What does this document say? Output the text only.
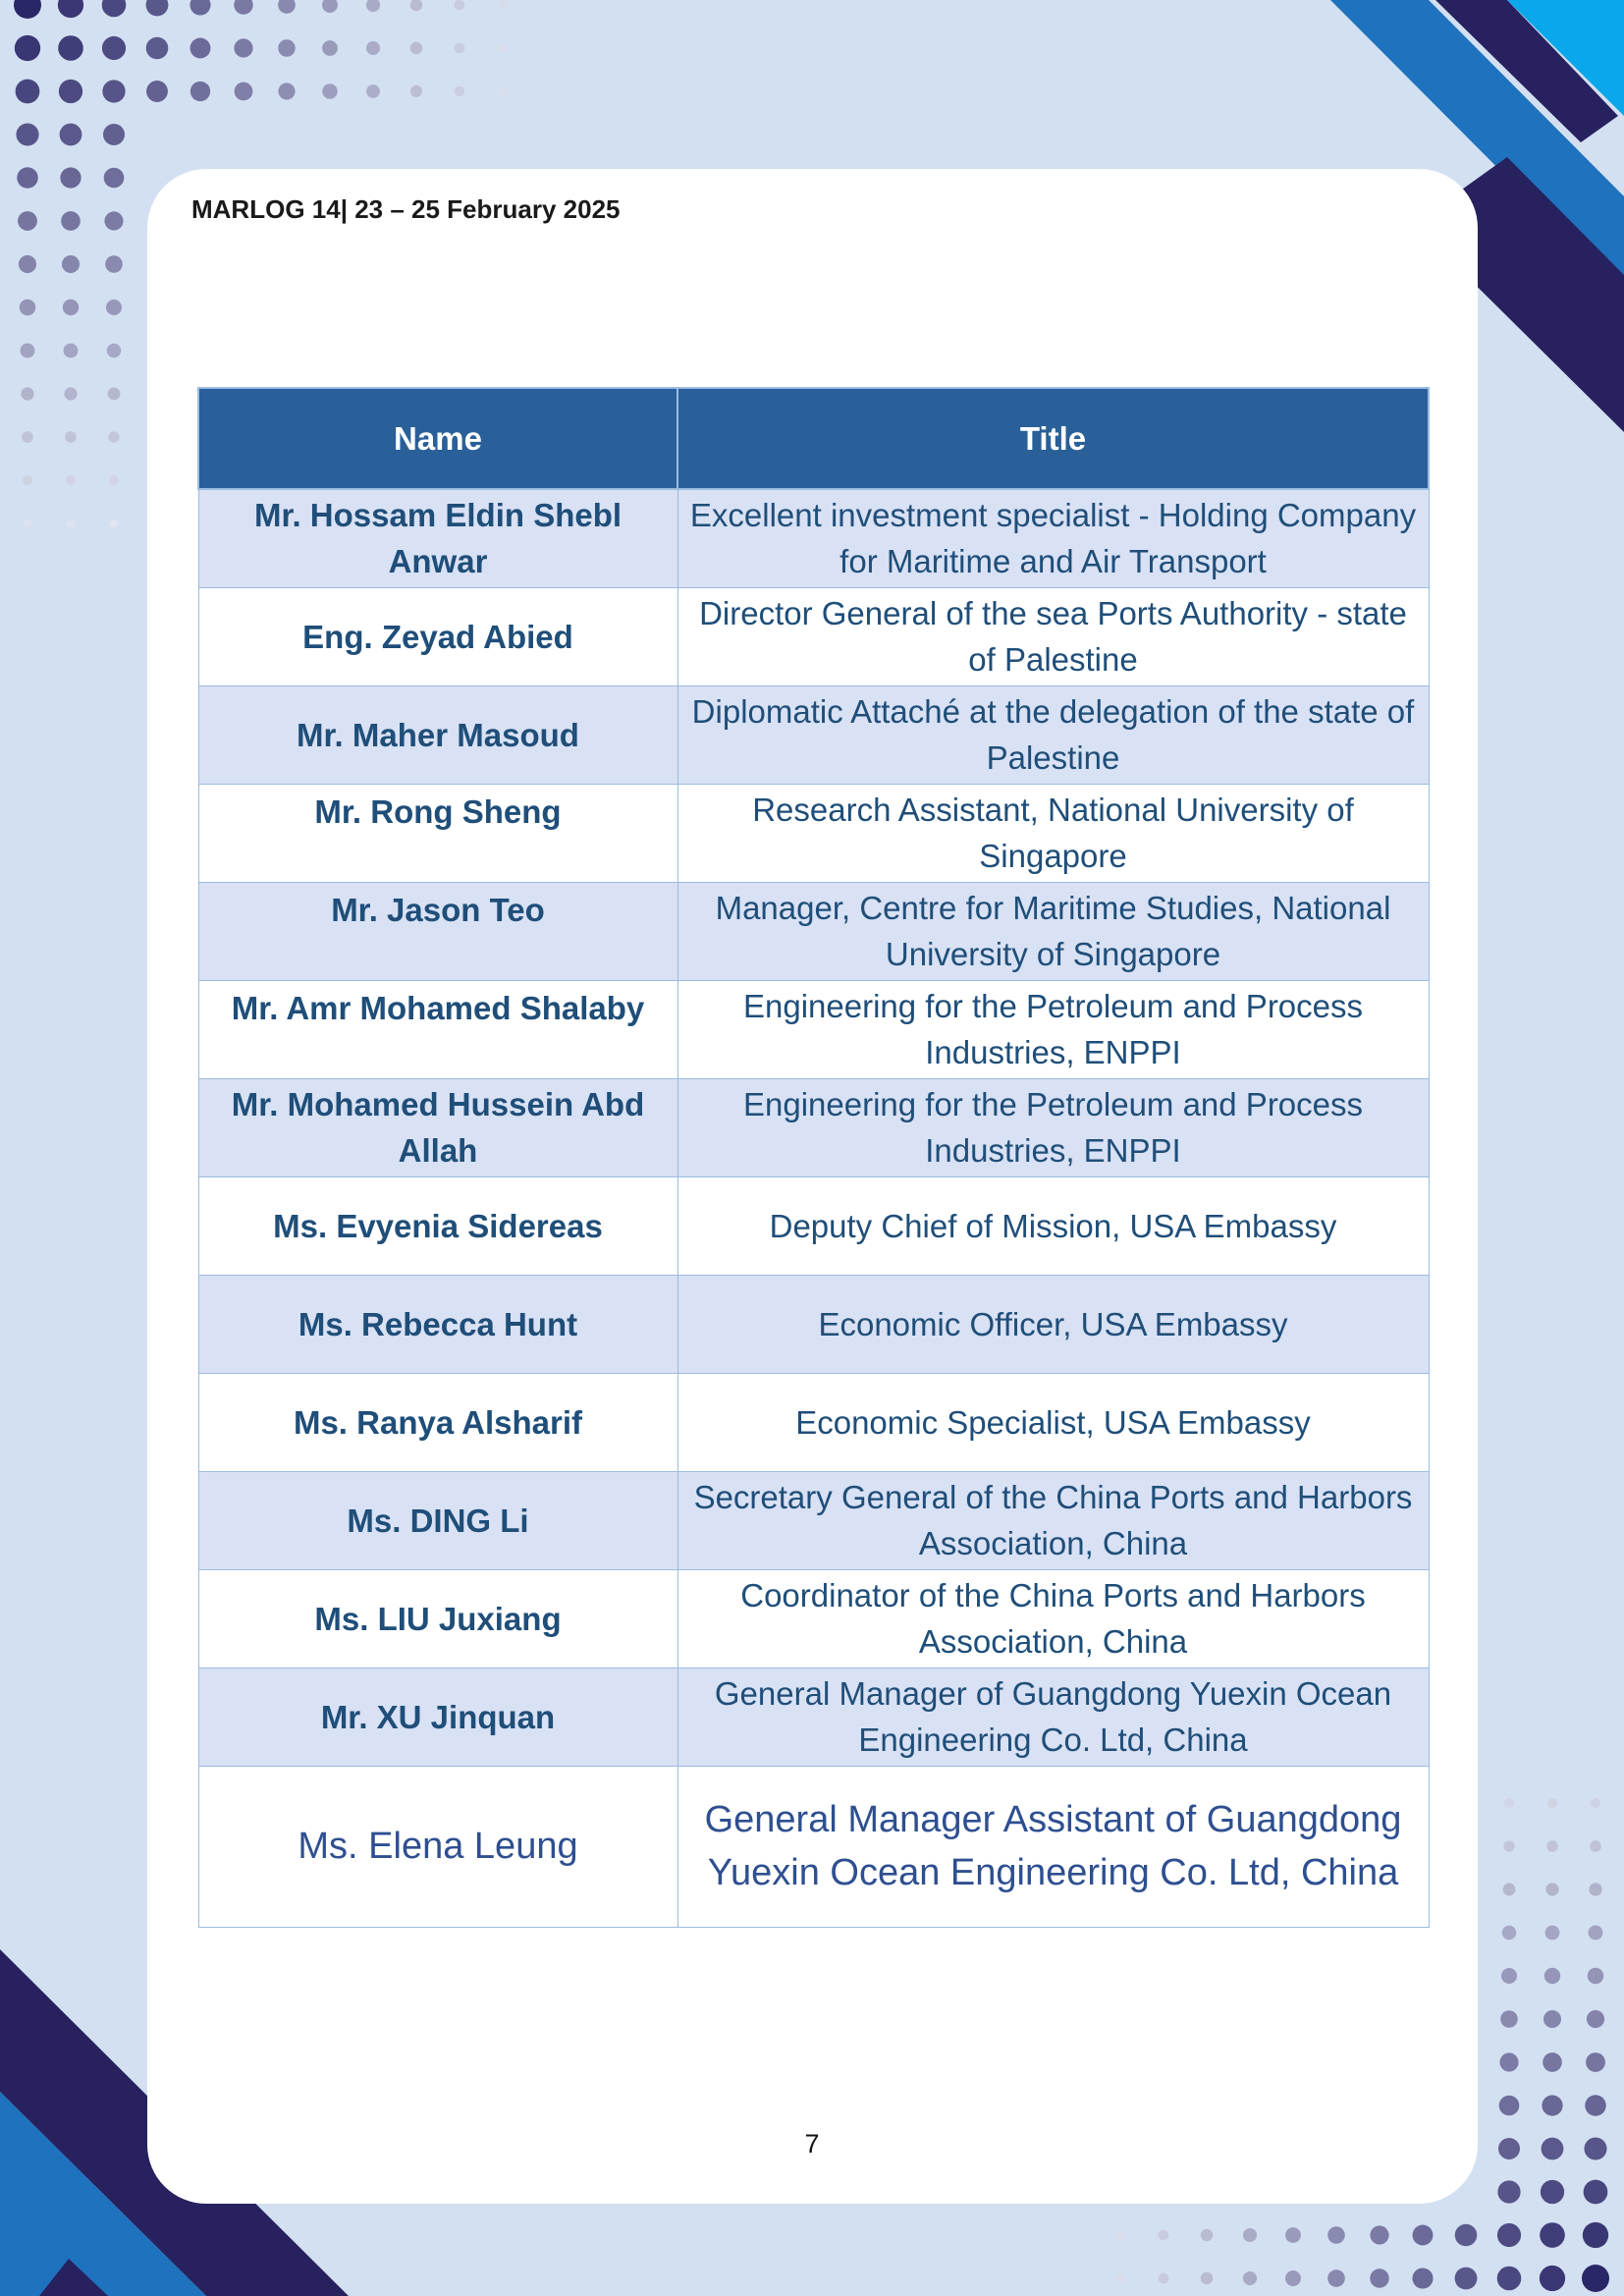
MARLOG 14| 23 – 25 February 2025
Name	Title
Mr. Hossam Eldin Shebl Anwar	Excellent investment specialist - Holding Company for Maritime and Air Transport
Eng. Zeyad Abied	Director General of the sea Ports Authority - state of Palestine
Mr. Maher Masoud	Diplomatic Attaché at the delegation of the state of Palestine
Mr. Rong Sheng	Research Assistant, National University of Singapore
Mr. Jason Teo	Manager, Centre for Maritime Studies, National University of Singapore
Mr. Amr Mohamed Shalaby	Engineering for the Petroleum and Process Industries, ENPPI
Mr. Mohamed Hussein Abd Allah	Engineering for the Petroleum and Process Industries, ENPPI
Ms. Evyenia Sidereas	Deputy Chief of Mission, USA Embassy
Ms. Rebecca Hunt	Economic Officer, USA Embassy
Ms. Ranya Alsharif	Economic Specialist, USA Embassy
Ms. DING Li	Secretary General of the China Ports and Harbors Association, China
Ms. LIU Juxiang	Coordinator of the China Ports and Harbors Association, China
Mr. XU Jinquan	General Manager of Guangdong Yuexin Ocean Engineering Co. Ltd, China
Ms. Elena Leung	General Manager Assistant of Guangdong Yuexin Ocean Engineering Co. Ltd, China
7
